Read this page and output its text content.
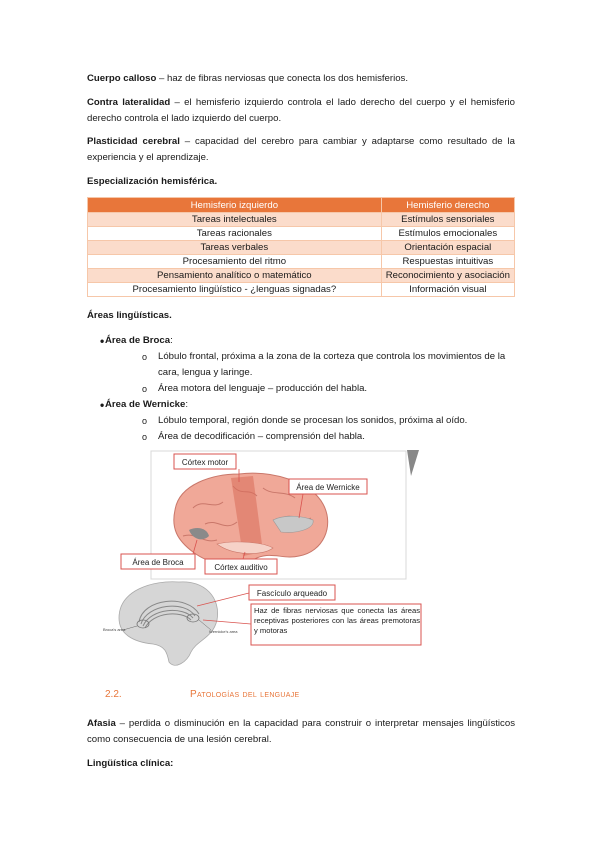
Cuerpo calloso – haz de fibras nerviosas que conecta los dos hemisferios.

Contra lateralidad – el hemisferio izquierdo controla el lado derecho del cuerpo y el hemisferio derecho controla el lado izquierdo del cuerpo.

Plasticidad cerebral – capacidad del cerebro para cambiar y adaptarse como resultado de la experiencia y el aprendizaje.

Especialización hemisférica.

Hemisferio izquierdo	Hemisferio derecho
Tareas intelectuales	Estímulos sensoriales
Tareas racionales	Estímulos emocionales
Tareas verbales	Orientación espacial
Procesamiento del ritmo	Respuestas intuitivas
Pensamiento analítico o matemático	Reconocimiento y asociación
Procesamiento lingüístico - ¿lenguas signadas?	Información visual

Áreas lingüísticas.

• Área de Broca:
o Lóbulo frontal, próxima a la zona de la corteza que controla los movimientos de la cara, lengua y laringe.
o Área motora del lenguaje – producción del habla.
• Área de Wernicke:
o Lóbulo temporal, región donde se procesan los sonidos, próxima al oído.
o Área de decodificación – comprensión del habla.
Córtex motor
Área de Wernicke
Área de Broca
Córtex auditivo
Broca's area	Wernicke's area
Fascículo arqueado
Haz de fibras nerviosas que conecta las áreas receptivas posteriores con las áreas premotoras y motoras
2.2.	Patologías del lenguaje

Afasia – perdida o disminución en la capacidad para construir o interpretar mensajes lingüísticos como consecuencia de una lesión cerebral.

Lingüística clínica:
